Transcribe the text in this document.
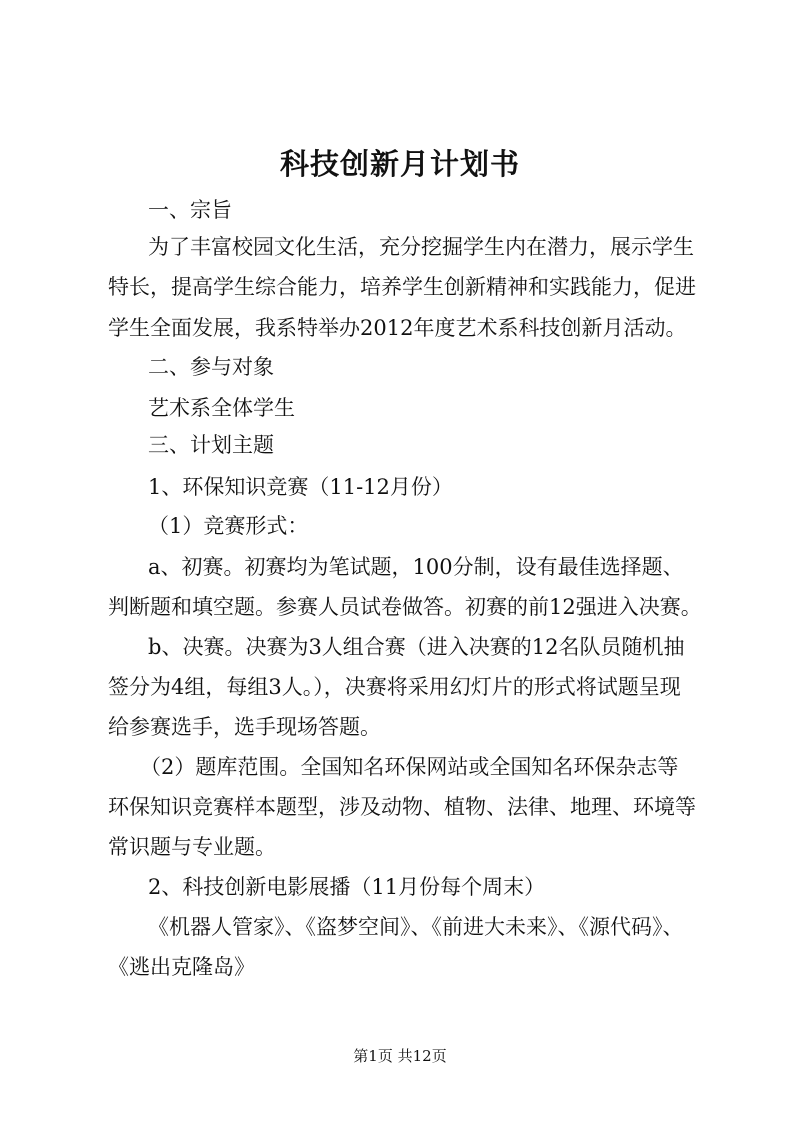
科技创新月计划书
一、宗旨
为了丰富校园文化生活，充分挖掘学生内在潜力，展示学生
特长，提高学生综合能力，培养学生创新精神和实践能力，促进
学生全面发展，我系特举办2012年度艺术系科技创新月活动。
二、参与对象
艺术系全体学生
三、计划主题
1、环保知识竞赛（11-12月份）
（1）竞赛形式：
a、初赛。初赛均为笔试题，100分制，设有最佳选择题、
判断题和填空题。参赛人员试卷做答。初赛的前12强进入决赛。
b、决赛。决赛为3人组合赛（进入决赛的12名队员随机抽
签分为4组，每组3人。），决赛将采用幻灯片的形式将试题呈现
给参赛选手，选手现场答题。
（2）题库范围。全国知名环保网站或全国知名环保杂志等
环保知识竞赛样本题型，涉及动物、植物、法律、地理、环境等
常识题与专业题。
2、科技创新电影展播（11月份每个周末）
《机器人管家》、《盗梦空间》、《前进大未来》、《源代码》、
《逃出克隆岛》
第1页 共12页
